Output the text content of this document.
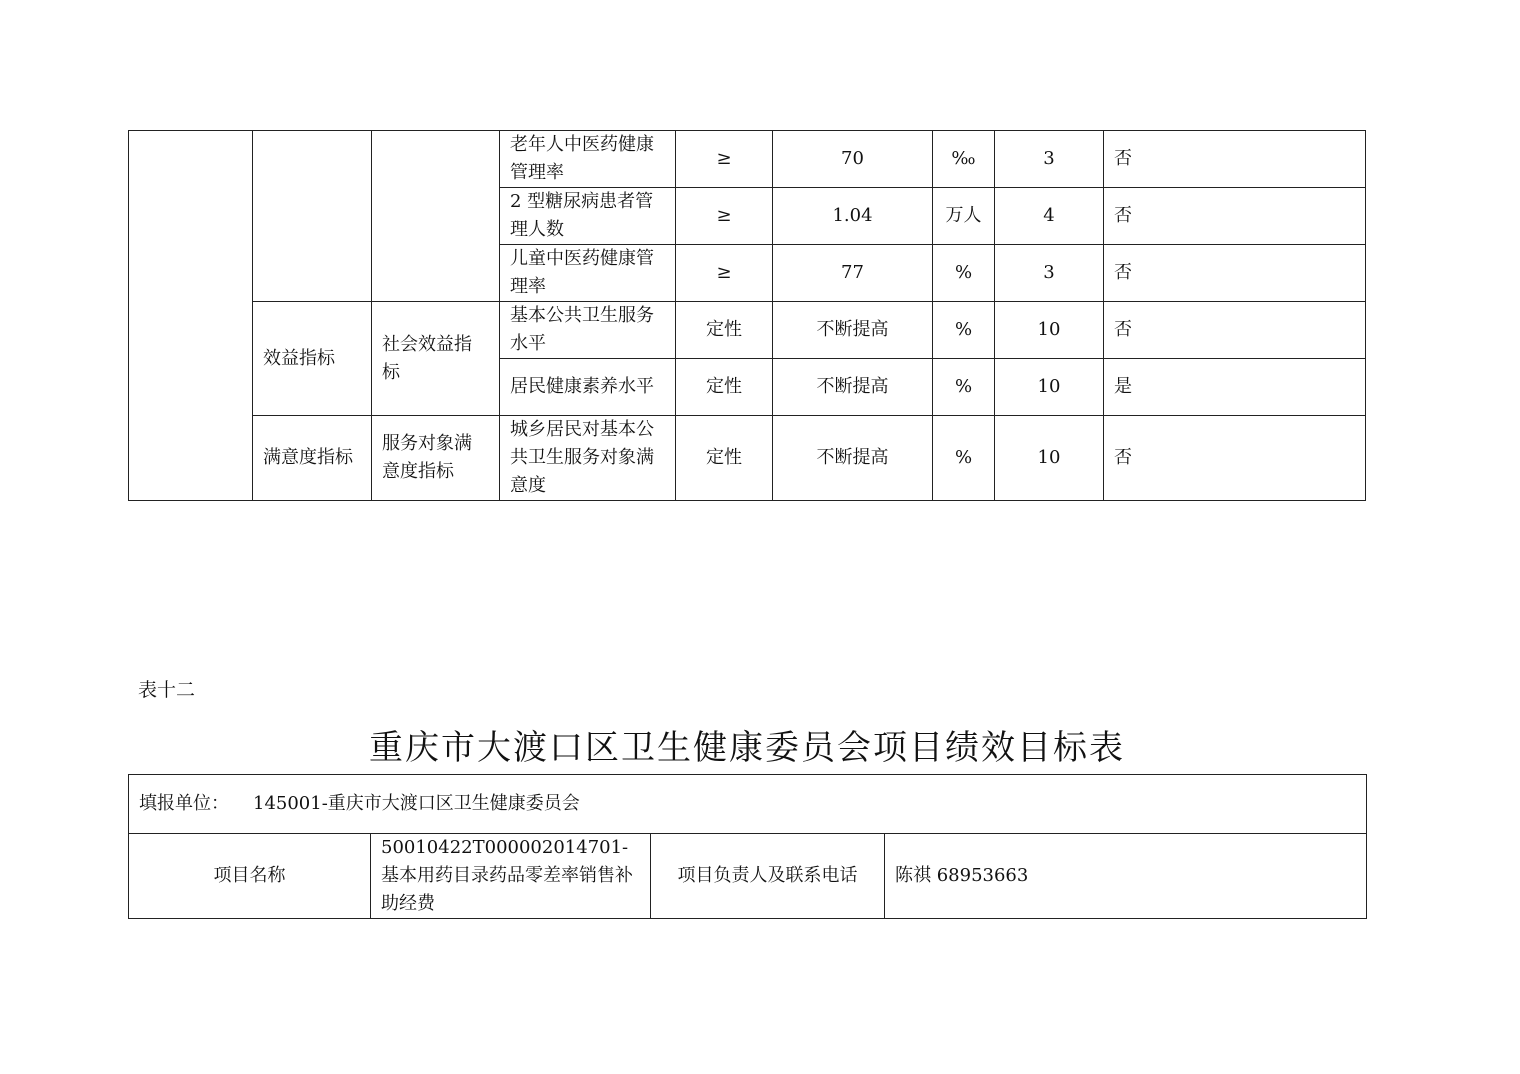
			老年人中医药健康管理率	≥	70	‰	3	否
			2 型糖尿病患者管理人数	≥	1.04	万人	4	否
			儿童中医药健康管理率	≥	77	%	3	否
	效益指标	社会效益指标	基本公共卫生服务水平	定性	不断提高	%	10	否
			居民健康素养水平	定性	不断提高	%	10	是
	满意度指标	服务对象满意度指标	城乡居民对基本公共卫生服务对象满意度	定性	不断提高	%	10	否
表十二
重庆市大渡口区卫生健康委员会项目绩效目标表
填报单位： 145001-重庆市大渡口区卫生健康委员会
项目名称	50010422T000002014701-基本用药目录药品零差率销售补助经费	项目负责人及联系电话	陈祺 68953663
